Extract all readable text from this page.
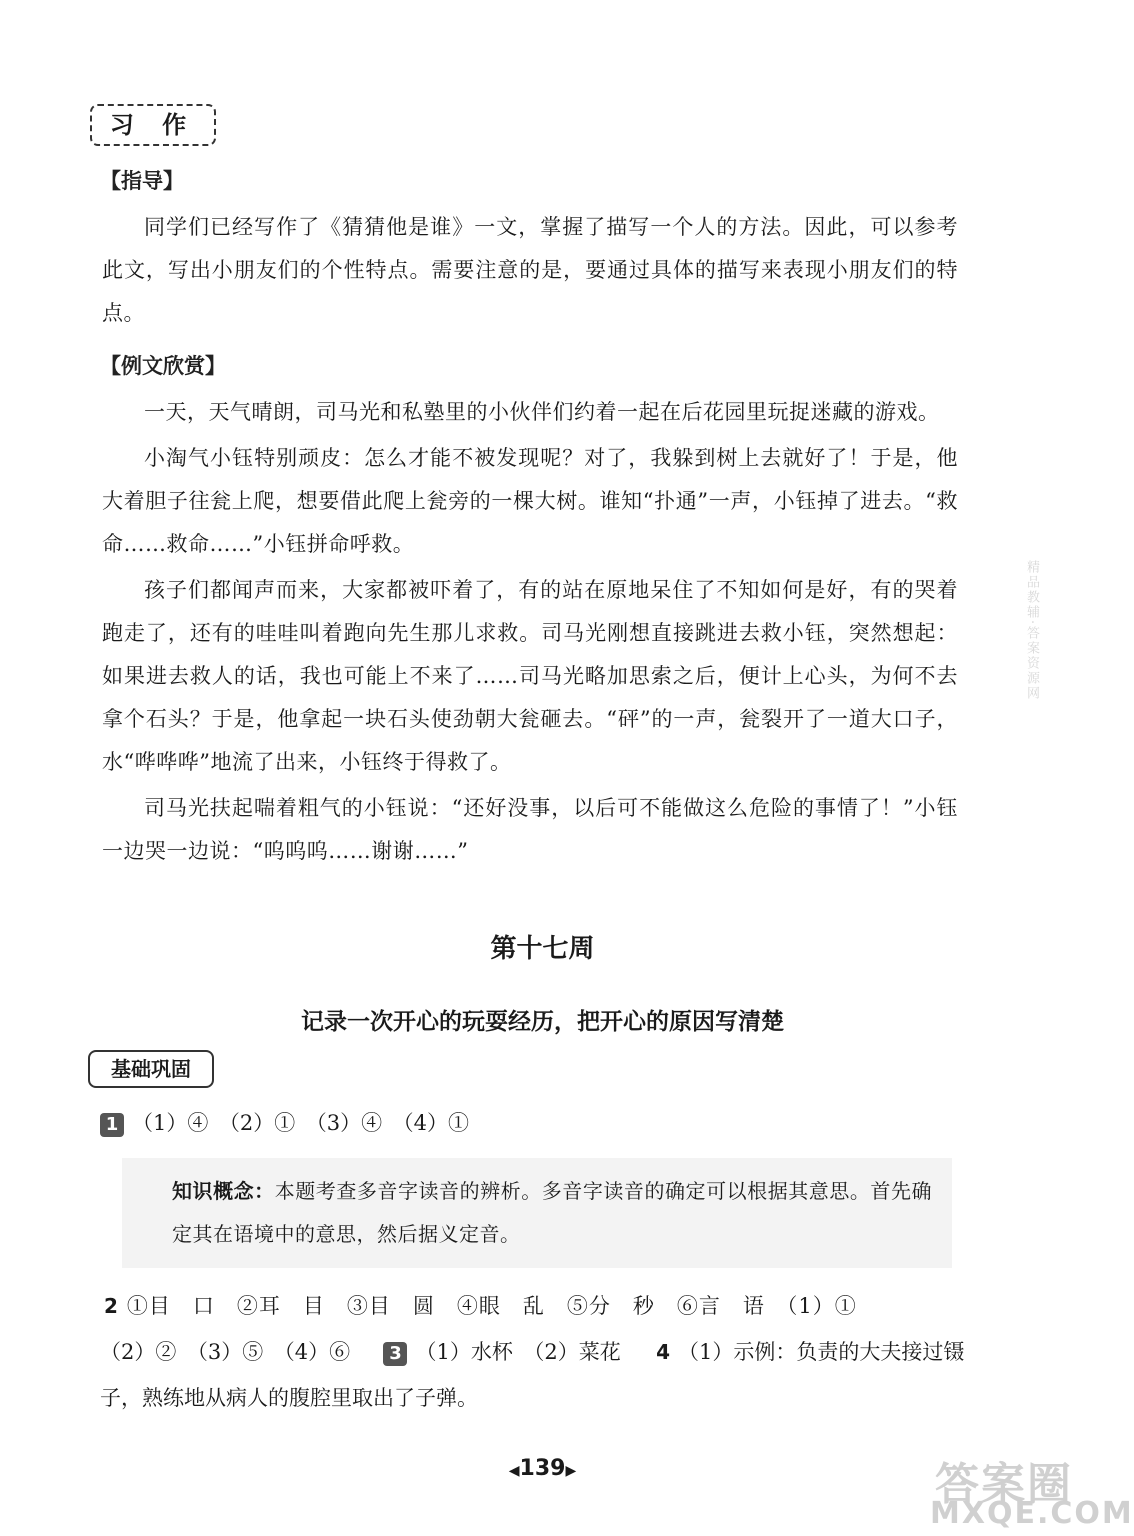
习 作
【指导】
同学们已经写作了《猜猜他是谁》一文，掌握了描写一个人的方法。因此，可以参考此文，写出小朋友们的个性特点。需要注意的是，要通过具体的描写来表现小朋友们的特点。
【例文欣赏】
一天，天气晴朗，司马光和私塾里的小伙伴们约着一起在后花园里玩捉迷藏的游戏。
小淘气小钰特别顽皮：怎么才能不被发现呢？对了，我躲到树上去就好了！于是，他大着胆子往瓮上爬，想要借此爬上瓮旁的一棵大树。谁知“扑通”一声，小钰掉了进去。“救命……救命……”小钰拼命呼救。
孩子们都闻声而来，大家都被吓着了，有的站在原地呆住了不知如何是好，有的哭着跑走了，还有的哇哇叫着跑向先生那儿求救。司马光刚想直接跳进去救小钰，突然想起：如果进去救人的话，我也可能上不来了……司马光略加思索之后，便计上心头，为何不去拿个石头？于是，他拿起一块石头使劲朝大瓮砸去。“砰”的一声，瓮裂开了一道大口子，水“哗哗哗”地流了出来，小钰终于得救了。
司马光扶起喘着粗气的小钰说：“还好没事，以后可不能做这么危险的事情了！”小钰一边哭一边说：“呜呜呜……谢谢……”
第十七周
记录一次开心的玩耍经历，把开心的原因写清楚
基础巩固
1 （1）④　（2）①　（3）④　（4）①
知识概念：本题考查多音字读音的辨析。多音字读音的确定可以根据其意思。首先确定其在语境中的意思，然后据义定音。
2 ①目　口　②耳　目　③目　圆　④眼　乱　⑤分　秒　⑥言　语　（1）①
（2）②　（3）⑤　（4）⑥ 3 （1）水杯　（2）菜花 4 （1）示例：负责的大夫接过镊
子，熟练地从病人的腹腔里取出了子弹。
◀139▶
精品教辅·答案资源网
答案圈
MXQE.COM
